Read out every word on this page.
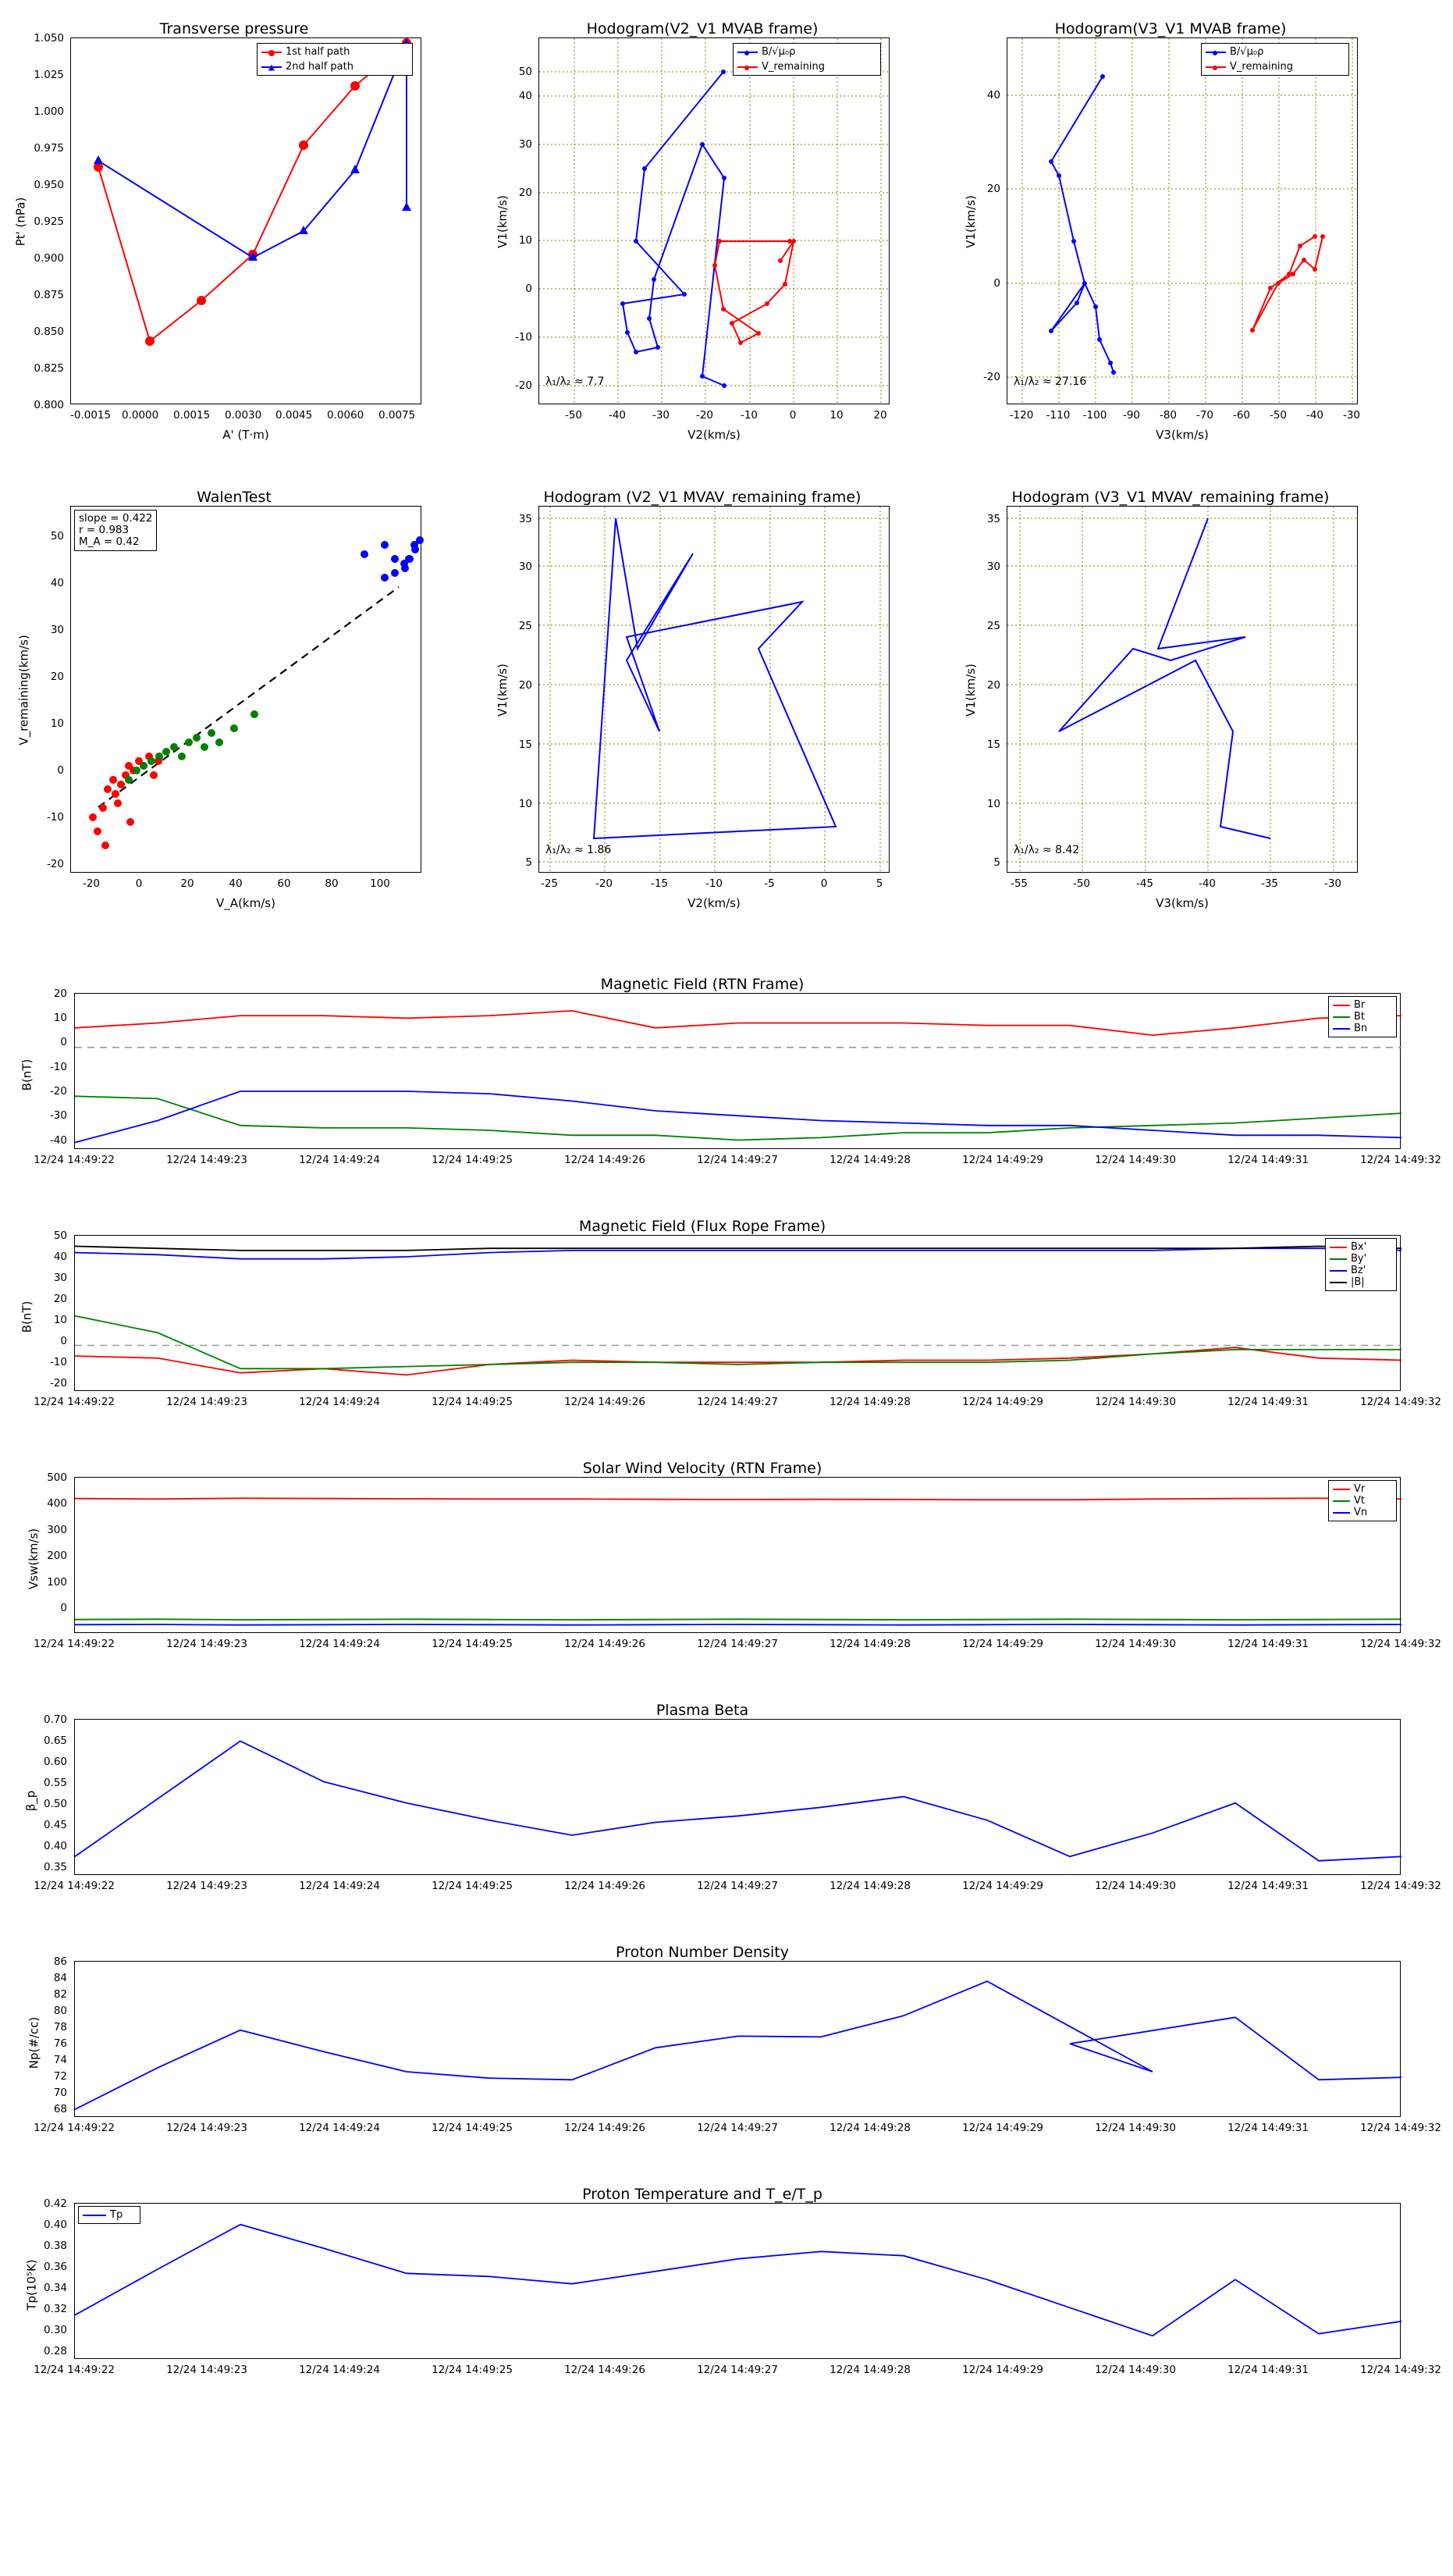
Transverse pressure
1st half path
2nd half path
Pt' (nPa)
A' (T·m)
1.050
1.025
1.000
0.975
0.950
0.925
0.900
0.875
0.850
0.825
0.800
-0.0015 0.0000 0.0015 0.0030 0.0045 0.0060 0.0075
Hodogram(V2_V1 MVAB frame)
B/√μ₀ρ
V_remaining
λ₁/λ₂ ≈ 7.7
V1(km/s)
V2(km/s)
50
40
30
20
10
0
-10
-20
-50	-40	-30	-20	-10	0	10	20
Hodogram(V3_V1 MVAB frame)
B/√μ₀ρ
V_remaining
λ₁/λ₂ ≈ 27.16
V1(km/s)
V3(km/s)
40
20
0
-20
-120	-110	-100	-90	-80	-70	-60	-50	-40	-30
WalenTest
slope = 0.422
r = 0.983
M_A = 0.42
V_remaining(km/s)
V_A(km/s)
50
40
30
20
10
0
-10
-20
-20	0	20	40	60	80	100
Hodogram (V2_V1 MVAV_remaining frame)
λ₁/λ₂ ≈ 1.86
V1(km/s)
V2(km/s)
35
30
25
20
15
10
5
-25	-20	-15	-10	-5	0	5
Hodogram (V3_V1 MVAV_remaining frame)
λ₁/λ₂ ≈ 8.42
V1(km/s)
V3(km/s)
35
30
25
20
15
10
5
-55	-50	-45	-40	-35	-30
Magnetic Field (RTN Frame)
Br
Bt
Bn
B(nT)
20
10
0
-10
-20
-30
-40
12/24 14:49:22	12/24 14:49:23	12/24 14:49:24	12/24 14:49:25	12/24 14:49:26	12/24 14:49:27	12/24 14:49:28	12/24 14:49:29	12/24 14:49:30	12/24 14:49:31	12/24 14:49:32
Magnetic Field (Flux Rope Frame)
Bx'
By'
Bz'
|B|
B(nT)
50
40
30
20
10
0
-10
-20
12/24 14:49:22	12/24 14:49:23	12/24 14:49:24	12/24 14:49:25	12/24 14:49:26	12/24 14:49:27	12/24 14:49:28	12/24 14:49:29	12/24 14:49:30	12/24 14:49:31	12/24 14:49:32
Solar Wind Velocity (RTN Frame)
Vr
Vt
Vn
Vsw(km/s)
500
400
300
200
100
0
12/24 14:49:22	12/24 14:49:23	12/24 14:49:24	12/24 14:49:25	12/24 14:49:26	12/24 14:49:27	12/24 14:49:28	12/24 14:49:29	12/24 14:49:30	12/24 14:49:31	12/24 14:49:32
Plasma Beta
β_p
0.70
0.65
0.60
0.55
0.50
0.45
0.40
0.35
12/24 14:49:22	12/24 14:49:23	12/24 14:49:24	12/24 14:49:25	12/24 14:49:26	12/24 14:49:27	12/24 14:49:28	12/24 14:49:29	12/24 14:49:30	12/24 14:49:31	12/24 14:49:32
Proton Number Density
Np(#/cc)
86
84
82
80
78
76
74
72
70
68
12/24 14:49:22	12/24 14:49:23	12/24 14:49:24	12/24 14:49:25	12/24 14:49:26	12/24 14:49:27	12/24 14:49:28	12/24 14:49:29	12/24 14:49:30	12/24 14:49:31	12/24 14:49:32
Proton Temperature and T_e/T_p
Tp
Tp(10⁵K)
0.42
0.40
0.38
0.36
0.34
0.32
0.30
0.28
12/24 14:49:22	12/24 14:49:23	12/24 14:49:24	12/24 14:49:25	12/24 14:49:26	12/24 14:49:27	12/24 14:49:28	12/24 14:49:29	12/24 14:49:30	12/24 14:49:31	12/24 14:49:32
